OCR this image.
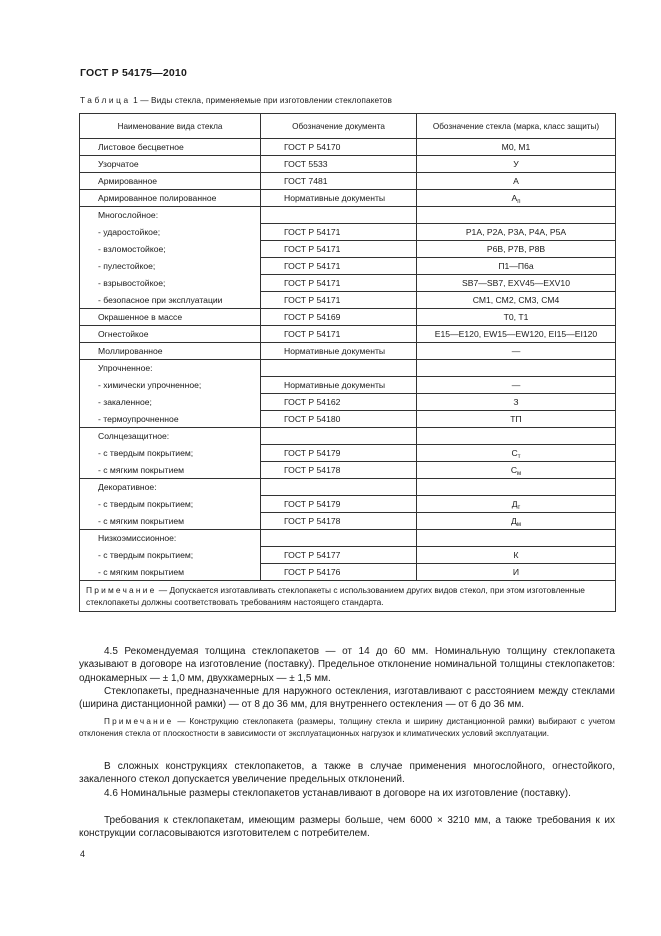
ГОСТ Р 54175—2010
Таблица 1 — Виды стекла, применяемые при изготовлении стеклопакетов
Наименование вида стекла	Обозначение документа	Обозначение стекла (марка, класс защиты)
Листовое бесцветное	ГОСТ Р 54170	М0, М1
Узорчатое	ГОСТ 5533	У
Армированное	ГОСТ 7481	А
Армированное полированное	Нормативные документы	$А_п$
Многослойное:		
- ударостойкое;	ГОСТ Р 54171	P1A, P2A, P3A, P4A, P5A
- взломостойкое;	ГОСТ Р 54171	P6B, P7B, P8B
- пулестойкое;	ГОСТ Р 54171	П1—П6а
- взрывостойкое;	ГОСТ Р 54171	SB7—SB7, EXV45—EXV10
- безопасное при эксплуатации	ГОСТ Р 54171	СМ1, СМ2, СМ3, СМ4
Окрашенное в массе	ГОСТ Р 54169	Т0, Т1
Огнестойкое	ГОСТ Р 54171	Е15—Е120, EW15—EW120, EI15—EI120
Моллированное	Нормативные документы	—
Упрочненное:		
- химически упрочненное;	Нормативные документы	—
- закаленное;	ГОСТ Р 54162	З
- термоупрочненное	ГОСТ Р 54180	ТП
Солнцезащитное:		
- с твердым покрытием;	ГОСТ Р 54179	$С_т$
- с мягким покрытием	ГОСТ Р 54178	$С_м$
Декоративное:		
- с твердым покрытием;	ГОСТ Р 54179	$Д_т$
- с мягким покрытием	ГОСТ Р 54178	$Д_м$
Низкоэмиссионное:		
- с твердым покрытием;	ГОСТ Р 54177	К
- с мягким покрытием	ГОСТ Р 54176	И
Примечание — Допускается изготавливать стеклопакеты с использованием других видов стекол, при этом изготовленные стеклопакеты должны соответствовать требованиям настоящего стандарта.		
4.5 Рекомендуемая толщина стеклопакетов — от 14 до 60 мм. Номинальную толщину стеклопакета указывают в договоре на изготовление (поставку). Предельное отклонение номинальной толщины стеклопакетов: однокамерных — ± 1,0 мм, двухкамерных — ± 1,5 мм.
Стеклопакеты, предназначенные для наружного остекления, изготавливают с расстоянием между стеклами (ширина дистанционной рамки) — от 8 до 36 мм, для внутреннего остекления — от 6 до 36 мм.
Примечание — Конструкцию стеклопакета (размеры, толщину стекла и ширину дистанционной рамки) выбирают с учетом отклонения стекла от плоскостности в зависимости от эксплуатационных нагрузок и климатических условий эксплуатации.
В сложных конструкциях стеклопакетов, а также в случае применения многослойного, огнестойкого, закаленного стекол допускается увеличение предельных отклонений.
4.6 Номинальные размеры стеклопакетов устанавливают в договоре на их изготовление (поставку).
Требования к стеклопакетам, имеющим размеры больше, чем 6000 × 3210 мм, а также требования к их конструкции согласовываются изготовителем с потребителем.
4
